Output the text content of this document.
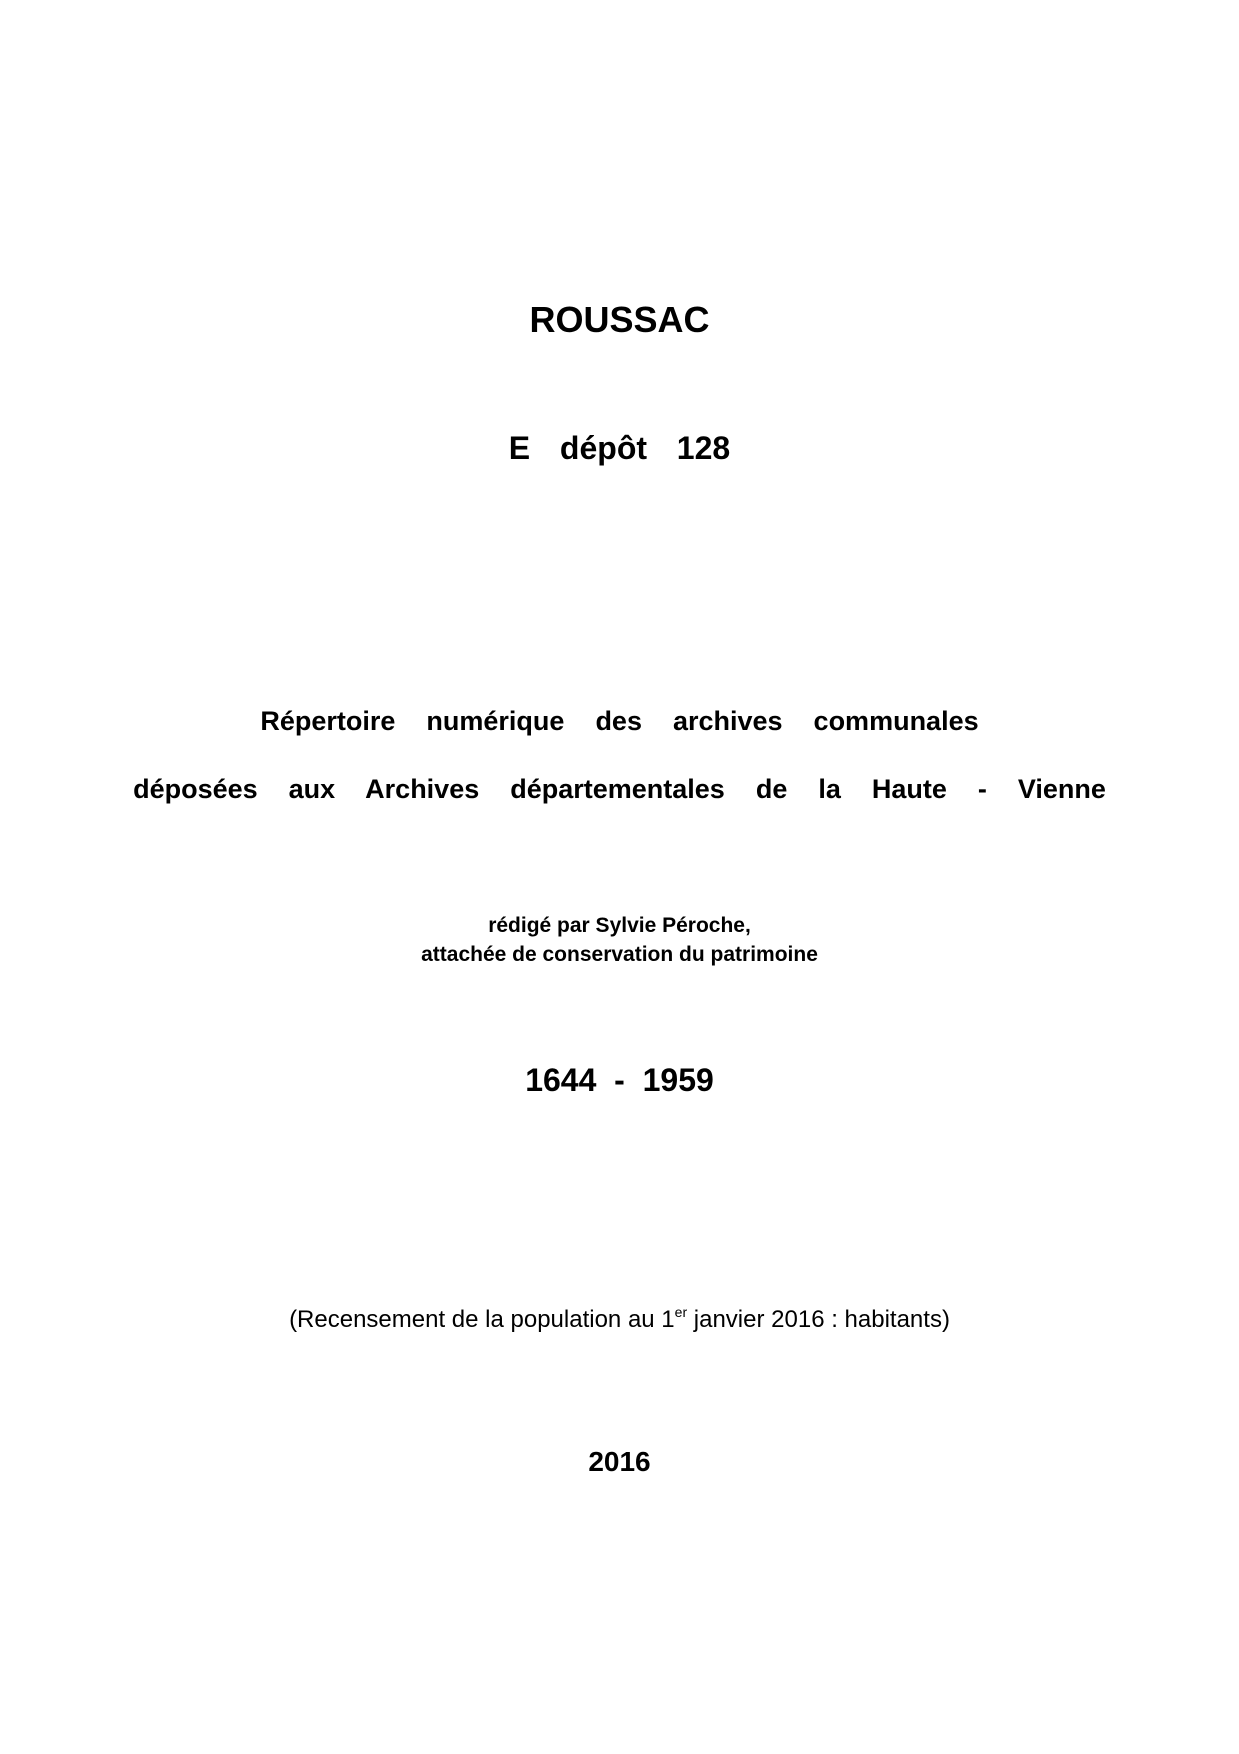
ROUSSAC
E  dépôt  128
Répertoire  numérique  des  archives  communales
déposées  aux  Archives  départementales  de  la  Haute  -  Vienne
rédigé par Sylvie Péroche,
attachée de conservation du patrimoine
1644  -  1959
(Recensement de la population au 1er janvier 2016 : habitants)
2016
